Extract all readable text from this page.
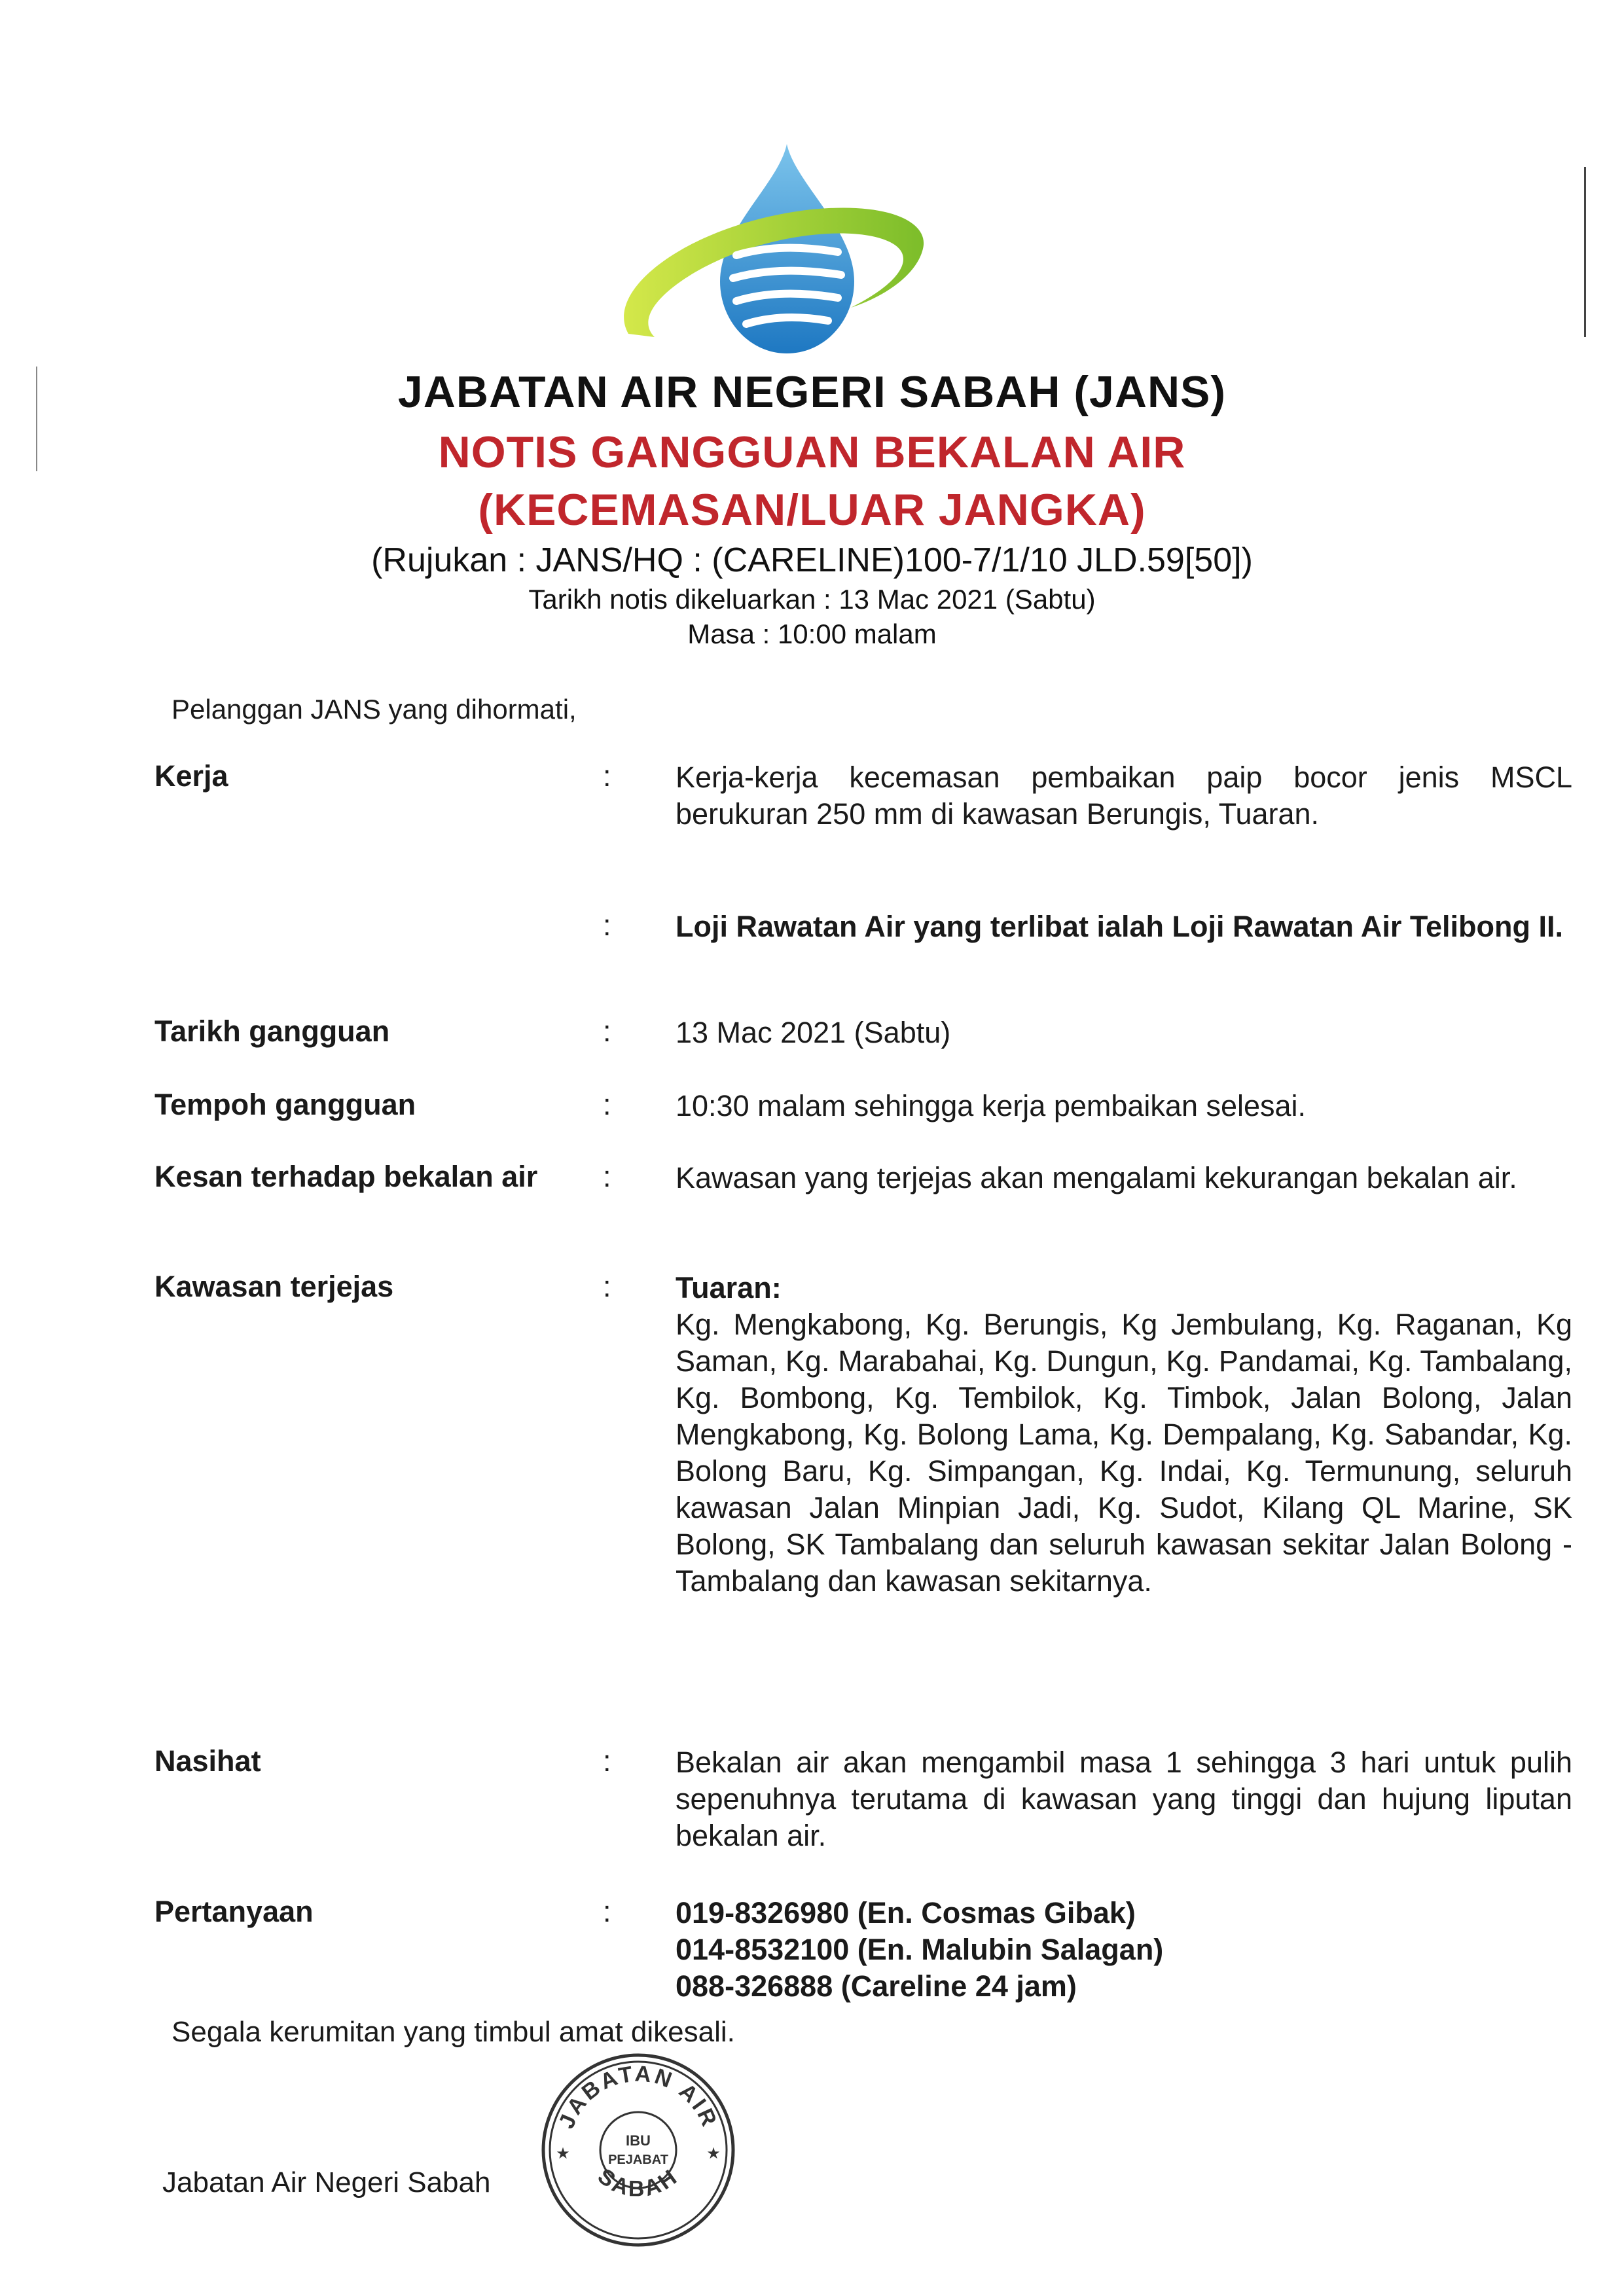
JABATAN AIR NEGERI SABAH (JANS)
NOTIS GANGGUAN BEKALAN AIR
(KECEMASAN/LUAR JANGKA)
(Rujukan : JANS/HQ : (CARELINE)100-7/1/10 JLD.59[50])
Tarikh notis dikeluarkan : 13 Mac 2021 (Sabtu)
Masa : 10:00 malam
Pelanggan JANS yang dihormati,
Kerja	: Kerja-kerja kecemasan pembaikan paip bocor jenis MSCL berukuran 250 mm di kawasan Berungis, Tuaran.
: Loji Rawatan Air yang terlibat ialah Loji Rawatan Air Telibong II.
Tarikh gangguan	: 13 Mac 2021 (Sabtu)
Tempoh gangguan	: 10:30 malam sehingga kerja pembaikan selesai.
Kesan terhadap bekalan air	: Kawasan yang terjejas akan mengalami kekurangan bekalan air.
Kawasan terjejas	: Tuaran:
Kg. Mengkabong, Kg. Berungis, Kg Jembulang, Kg. Raganan, Kg Saman, Kg. Marabahai, Kg. Dungun, Kg. Pandamai, Kg. Tambalang, Kg. Bombong, Kg. Tembilok, Kg. Timbok, Jalan Bolong, Jalan Mengkabong, Kg. Bolong Lama, Kg. Dempalang, Kg. Sabandar, Kg. Bolong Baru, Kg. Simpangan, Kg. Indai, Kg. Termunung, seluruh kawasan Jalan Minpian Jadi, Kg. Sudot, Kilang QL Marine, SK Bolong, SK Tambalang dan seluruh kawasan sekitar Jalan Bolong - Tambalang dan kawasan sekitarnya.
Nasihat	: Bekalan air akan mengambil masa 1 sehingga 3 hari untuk pulih sepenuhnya terutama di kawasan yang tinggi dan hujung liputan bekalan air.
Pertanyaan	: 019-8326980 (En. Cosmas Gibak)
014-8532100 (En. Malubin Salagan)
088-326888 (Careline 24 jam)
Segala kerumitan yang timbul amat dikesali.
Jabatan Air Negeri Sabah
JABATAN AIR
SABAH
IBU
PEJABAT
★	★
